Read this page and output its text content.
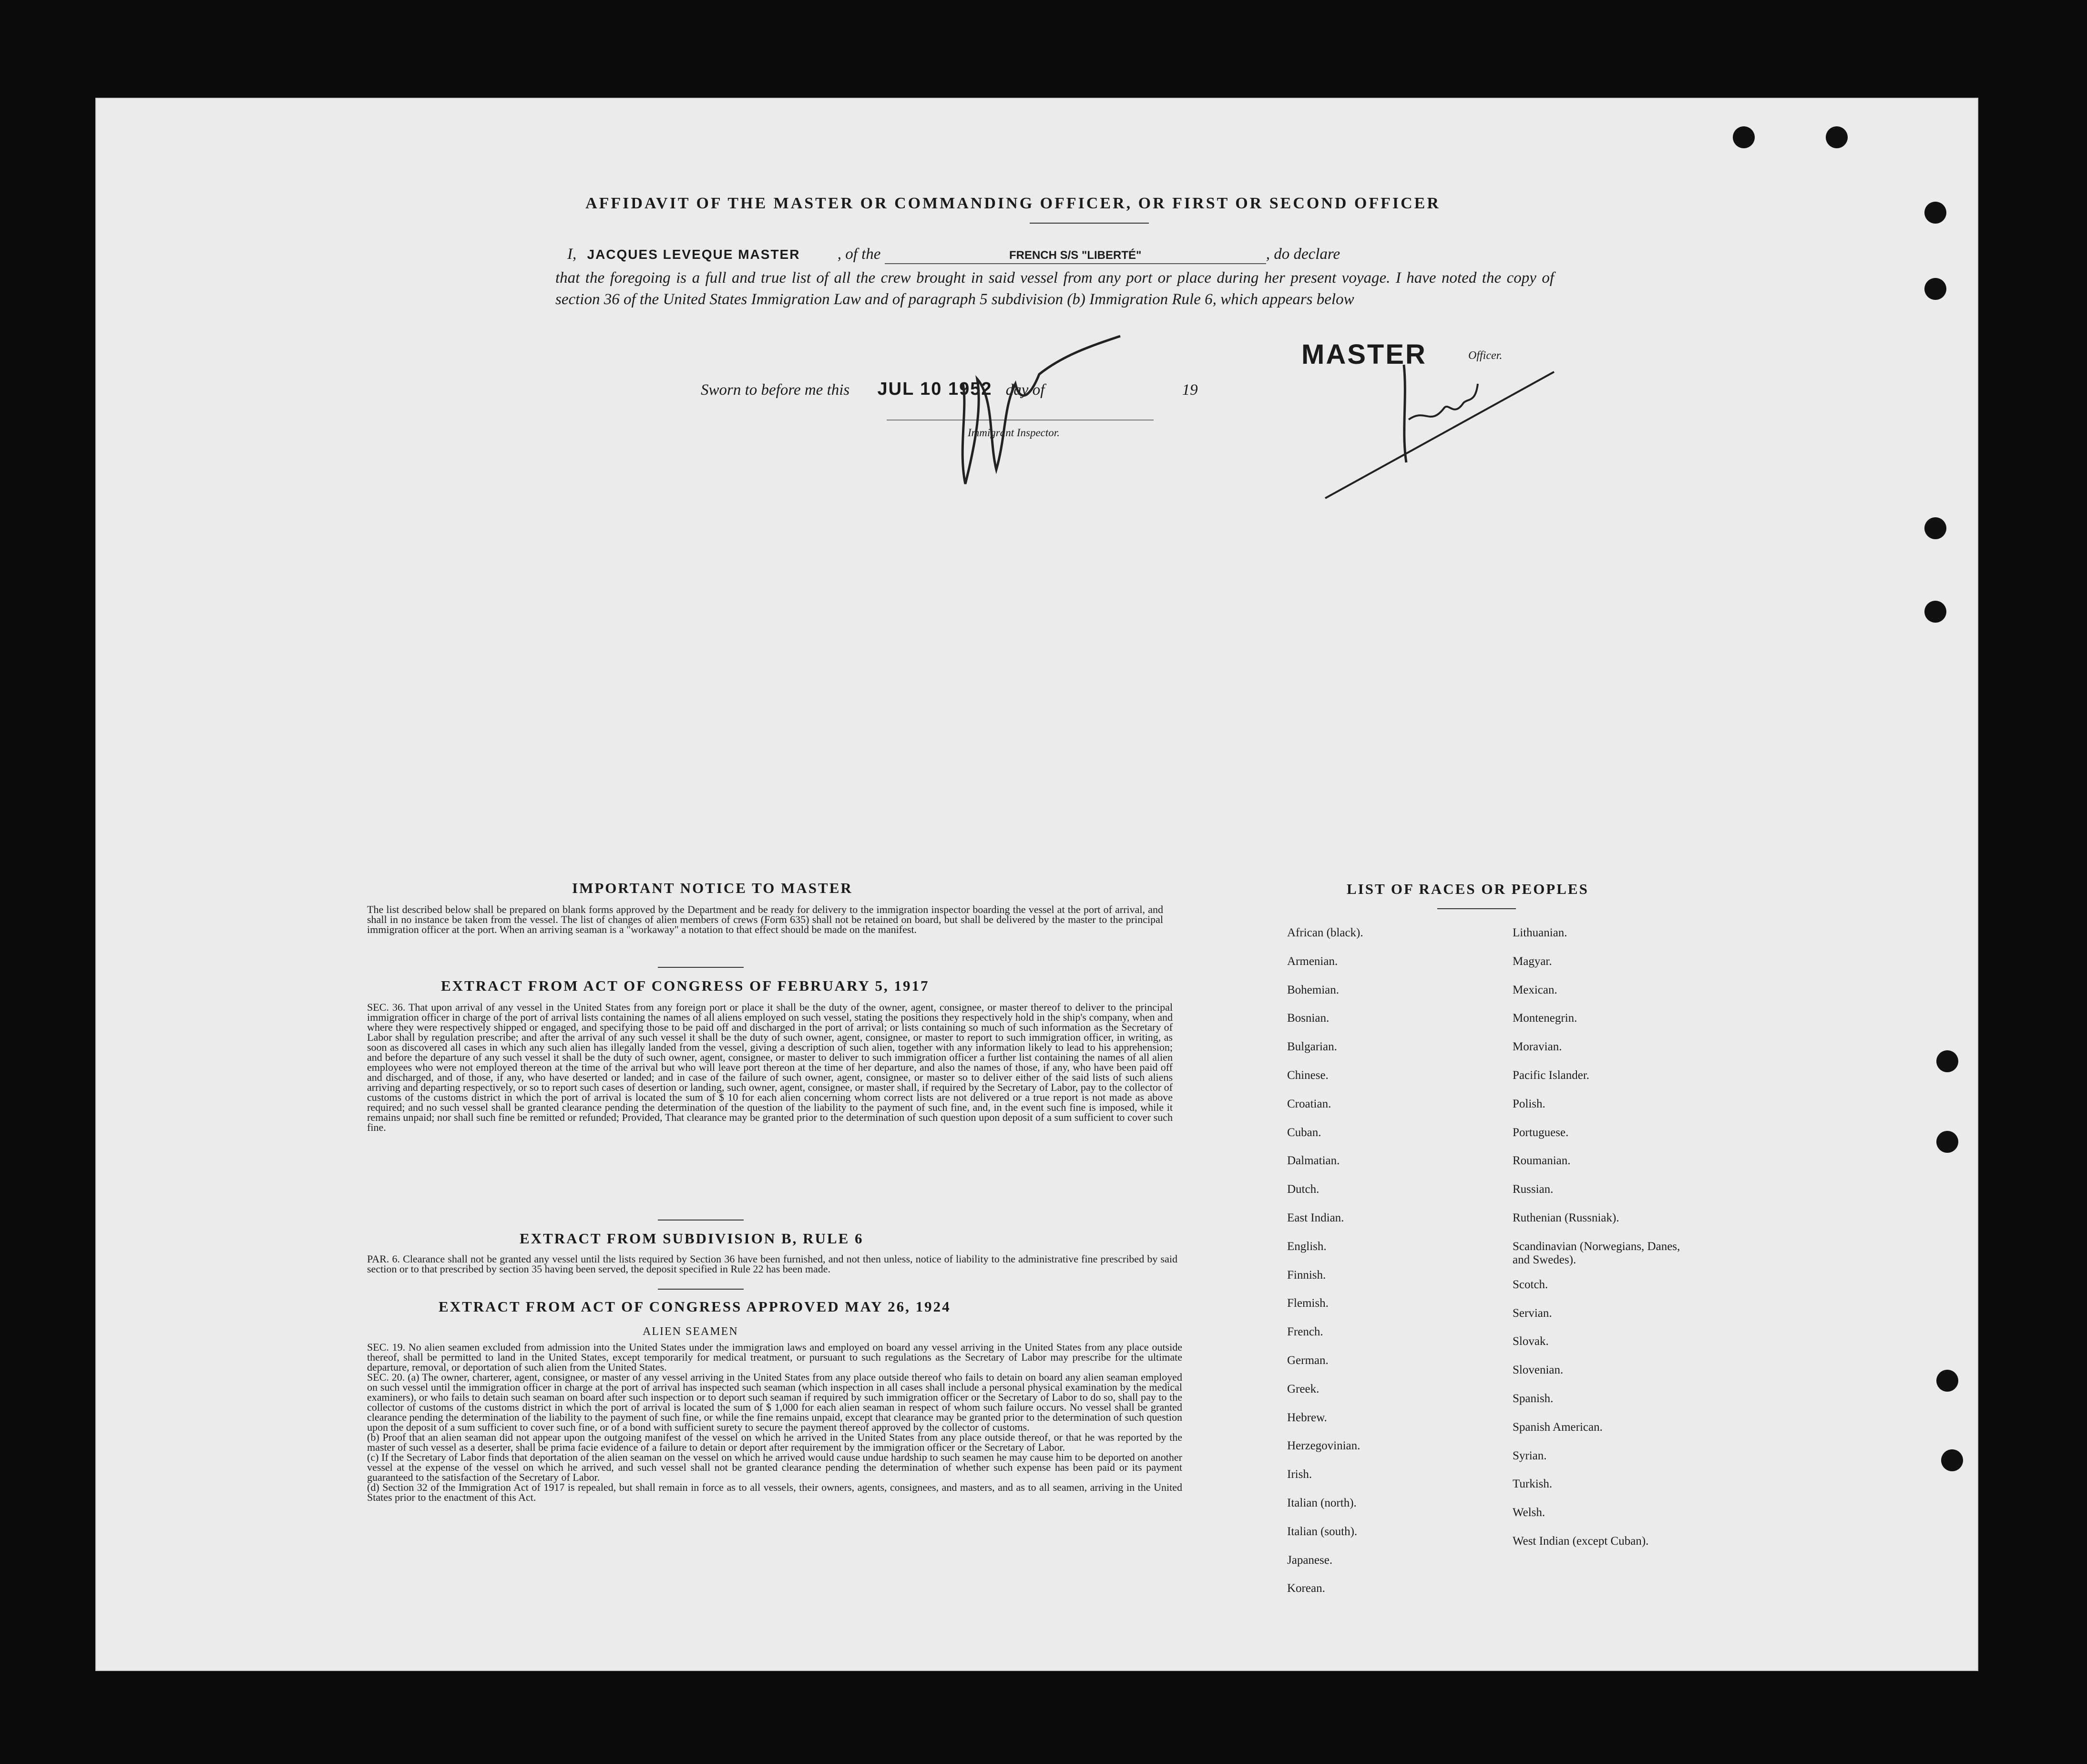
AFFIDAVIT OF THE MASTER OR COMMANDING OFFICER, OR FIRST OR SECOND OFFICER
I, JACQUES LEVEQUE MASTER , of the	FRENCH S/S "LIBERTÉ"	, do declare
that the foregoing is a full and true list of all the crew brought in said vessel from any port or place during her present voyage. I have noted the copy of section 36 of the United States Immigration Law and of paragraph 5 subdivision (b) Immigration Rule 6, which appears below
MASTER	Officer.
Sworn to before me this JUL 10 1952 day of	19
Immigrant Inspector.
IMPORTANT NOTICE TO MASTER

The list described below shall be prepared on blank forms approved by the Department and be ready for delivery to the immigration inspector boarding the vessel at the port of arrival, and shall in no instance be taken from the vessel. The list of changes of alien members of crews (Form 635) shall not be retained on board, but shall be delivered by the master to the principal immigration officer at the port. When an arriving seaman is a "workaway" a notation to that effect should be made on the manifest.

EXTRACT FROM ACT OF CONGRESS OF FEBRUARY 5, 1917

SEC. 36. That upon arrival of any vessel in the United States from any foreign port or place it shall be the duty of the owner, agent, consignee, or master thereof to deliver to the principal immigration officer in charge of the port of arrival lists containing the names of all aliens employed on such vessel, stating the positions they respectively hold in the ship's company, when and where they were respectively shipped or engaged, and specifying those to be paid off and discharged in the port of arrival; or lists containing so much of such information as the Secretary of Labor shall by regulation prescribe; and after the arrival of any such vessel it shall be the duty of such owner, agent, consignee, or master to report to such immigration officer, in writing, as soon as discovered all cases in which any such alien has illegally landed from the vessel, giving a description of such alien, together with any information likely to lead to his apprehension; and before the departure of any such vessel it shall be the duty of such owner, agent, consignee, or master to deliver to such immigration officer a further list containing the names of all alien employees who were not employed thereon at the time of the arrival but who will leave port thereon at the time of her departure, and also the names of those, if any, who have been paid off and discharged, and of those, if any, who have deserted or landed; and in case of the failure of such owner, agent, consignee, or master so to deliver either of the said lists of such aliens arriving and departing respectively, or so to report such cases of desertion or landing, such owner, agent, consignee, or master shall, if required by the Secretary of Labor, pay to the collector of customs of the customs district in which the port of arrival is located the sum of $ 10 for each alien concerning whom correct lists are not delivered or a true report is not made as above required; and no such vessel shall be granted clearance pending the determination of the question of the liability to the payment of such fine, and, in the event such fine is imposed, while it remains unpaid; nor shall such fine be remitted or refunded; Provided, That clearance may be granted prior to the determination of such question upon deposit of a sum sufficient to cover such fine.

EXTRACT FROM SUBDIVISION B, RULE 6

PAR. 6. Clearance shall not be granted any vessel until the lists required by Section 36 have been furnished, and not then unless, notice of liability to the administrative fine prescribed by said section or to that prescribed by section 35 having been served, the deposit specified in Rule 22 has been made.

EXTRACT FROM ACT OF CONGRESS APPROVED MAY 26, 1924
ALIEN SEAMEN

SEC. 19. No alien seamen excluded from admission into the United States under the immigration laws and employed on board any vessel arriving in the United States from any place outside thereof, shall be permitted to land in the United States, except temporarily for medical treatment, or pursuant to such regulations as the Secretary of Labor may prescribe for the ultimate departure, removal, or deportation of such alien from the United States.

SEC. 20. (a) The owner, charterer, agent, consignee, or master of any vessel arriving in the United States from any place outside thereof who fails to detain on board any alien seaman employed on such vessel until the immigration officer in charge at the port of arrival has inspected such seaman (which inspection in all cases shall include a personal physical examination by the medical examiners), or who fails to detain such seaman on board after such inspection or to deport such seaman if required by such immigration officer or the Secretary of Labor to do so, shall pay to the collector of customs of the customs district in which the port of arrival is located the sum of $ 1,000 for each alien seaman in respect of whom such failure occurs. No vessel shall be granted clearance pending the determination of the liability to the payment of such fine, or while the fine remains unpaid, except that clearance may be granted prior to the determination of such question upon the deposit of a sum sufficient to cover such fine, or of a bond with sufficient surety to secure the payment thereof approved by the collector of customs.

(b) Proof that an alien seaman did not appear upon the outgoing manifest of the vessel on which he arrived in the United States from any place outside thereof, or that he was reported by the master of such vessel as a deserter, shall be prima facie evidence of a failure to detain or deport after requirement by the immigration officer or the Secretary of Labor.

(c) If the Secretary of Labor finds that deportation of the alien seaman on the vessel on which he arrived would cause undue hardship to such seamen he may cause him to be deported on another vessel at the expense of the vessel on which he arrived, and such vessel shall not be granted clearance pending the determination of whether such expense has been paid or its payment guaranteed to the satisfaction of the Secretary of Labor.

(d) Section 32 of the Immigration Act of 1917 is repealed, but shall remain in force as to all vessels, their owners, agents, consignees, and masters, and as to all seamen, arriving in the United States prior to the enactment of this Act.

LIST OF RACES OR PEOPLES
African (black).
Armenian.
Bohemian.
Bosnian.
Bulgarian.
Chinese.
Croatian.
Cuban.
Dalmatian.
Dutch.
East Indian.
English.
Finnish.
Flemish.
French.
German.
Greek.
Hebrew.
Herzegovinian.
Irish.
Italian (north).
Italian (south).
Japanese.
Korean.
Lithuanian.
Magyar.
Mexican.
Montenegrin.
Moravian.
Pacific Islander.
Polish.
Portuguese.
Roumanian.
Russian.
Ruthenian (Russniak).
Scandinavian (Norwegians, Danes, and Swedes).
Scotch.
Servian.
Slovak.
Slovenian.
Spanish.
Spanish American.
Syrian.
Turkish.
Welsh.
West Indian (except Cuban).
